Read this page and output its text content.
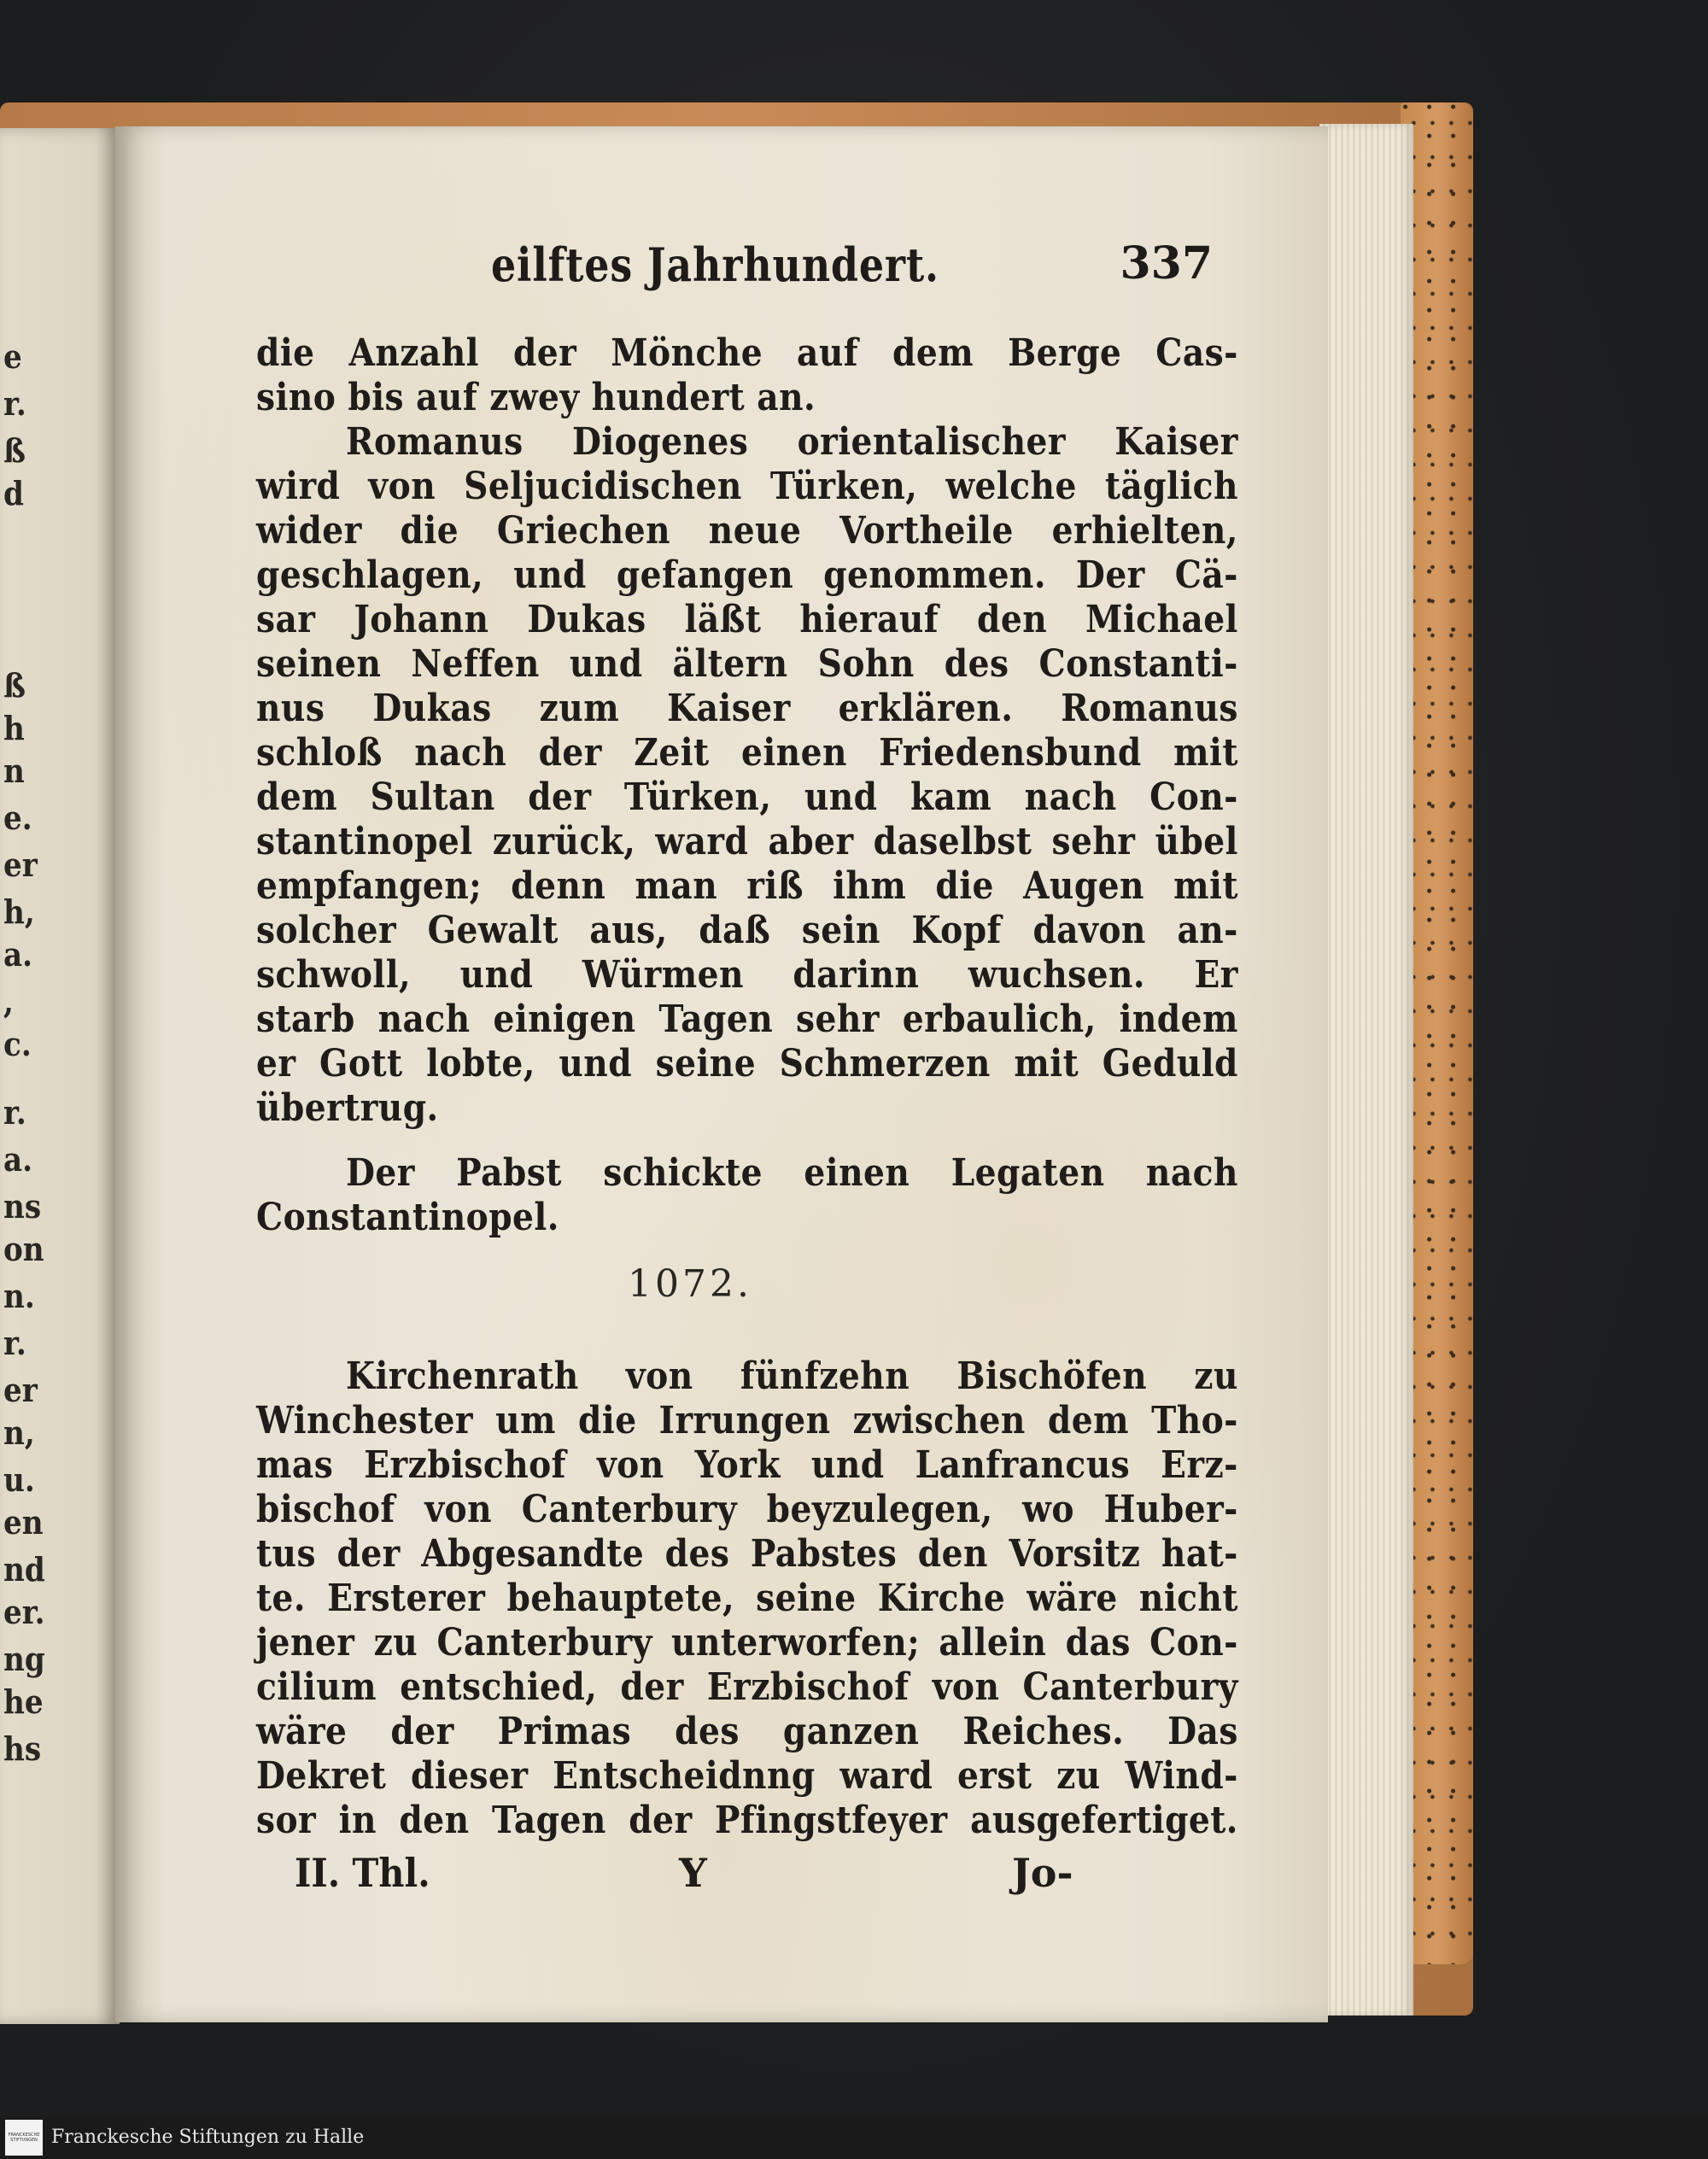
e
r.
ß
d
ß
h
n
e.
er
h,
a.
,
c.
r.
a.
ns
on
n.
r.
er
n,
u.
en
nd
er.
ng
he
hs
eilftes Jahrhundert.	337
die Anzahl der Mönche auf dem Berge Cas-
sino bis auf zwey hundert an.
Romanus Diogenes orientalischer Kaiser
wird von Seljucidischen Türken, welche täglich
wider die Griechen neue Vortheile erhielten,
geschlagen, und gefangen genommen. Der Cä-
sar Johann Dukas läßt hierauf den Michael
seinen Neffen und ältern Sohn des Constanti-
nus Dukas zum Kaiser erklären. Romanus
schloß nach der Zeit einen Friedensbund mit
dem Sultan der Türken, und kam nach Con-
stantinopel zurück, ward aber daselbst sehr übel
empfangen; denn man riß ihm die Augen mit
solcher Gewalt aus, daß sein Kopf davon an-
schwoll, und Würmen darinn wuchsen. Er
starb nach einigen Tagen sehr erbaulich, indem
er Gott lobte, und seine Schmerzen mit Geduld
übertrug.
Der Pabst schickte einen Legaten nach
Constantinopel.
1072.
Kirchenrath von fünfzehn Bischöfen zu
Winchester um die Irrungen zwischen dem Tho-
mas Erzbischof von York und Lanfrancus Erz-
bischof von Canterbury beyzulegen, wo Huber-
tus der Abgesandte des Pabstes den Vorsitz hat-
te. Ersterer behauptete, seine Kirche wäre nicht
jener zu Canterbury unterworfen; allein das Con-
cilium entschied, der Erzbischof von Canterbury
wäre der Primas des ganzen Reiches. Das
Dekret dieser Entscheidnng ward erst zu Wind-
sor in den Tagen der Pfingstfeyer ausgefertiget.
II. Thl.	Y	Jo-
FRANCKESCHE STIFTUNGEN Franckesche Stiftungen zu Halle
